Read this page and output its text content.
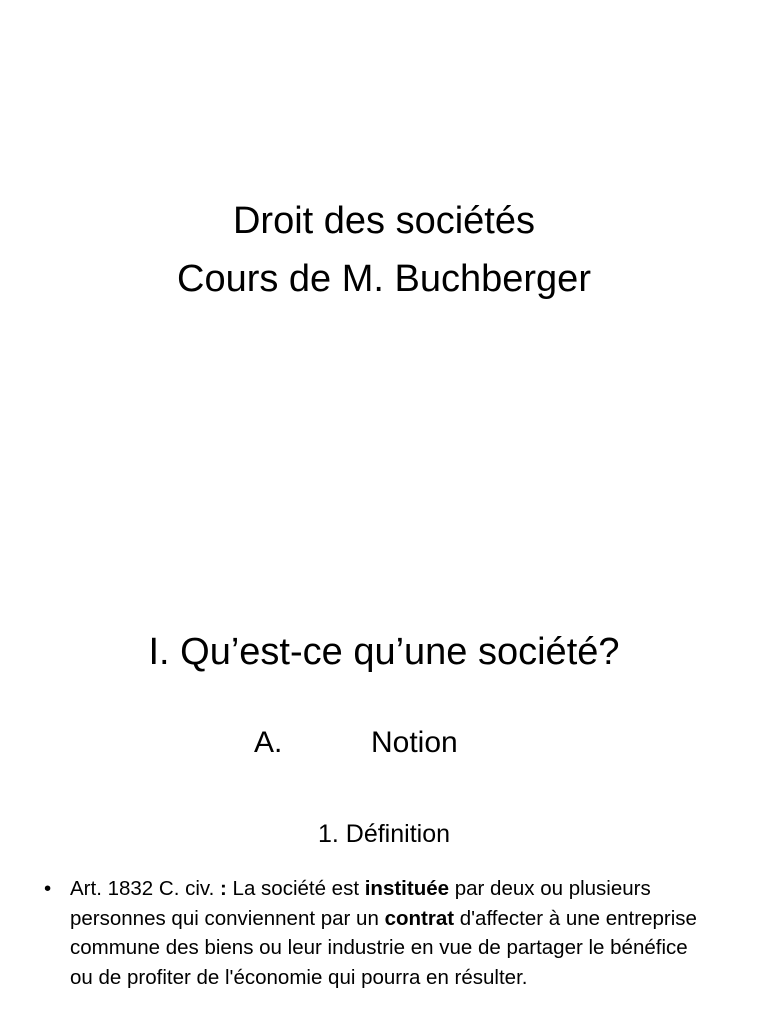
Droit des sociétés
Cours de M. Buchberger
I. Qu’est-ce qu’une société?
A.	Notion
1. Définition
• Art. 1832 C. civ. : La société est instituée par deux ou plusieurs personnes qui conviennent par un contrat d'affecter à une entreprise commune des biens ou leur industrie en vue de partager le bénéfice ou de profiter de l'économie qui pourra en résulter.
